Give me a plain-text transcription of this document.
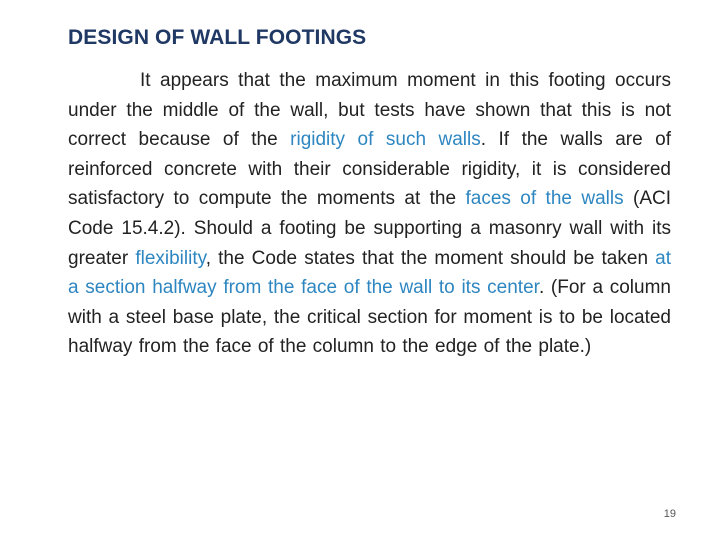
DESIGN OF WALL FOOTINGS

It appears that the maximum moment in this footing occurs under the middle of the wall, but tests have shown that this is not correct because of the rigidity of such walls. If the walls are of reinforced concrete with their considerable rigidity, it is considered satisfactory to compute the moments at the faces of the walls (ACI Code 15.4.2). Should a footing be supporting a masonry wall with its greater flexibility, the Code states that the moment should be taken at a section halfway from the face of the wall to its center. (For a column with a steel base plate, the critical section for moment is to be located halfway from the face of the column to the edge of the plate.)

19
